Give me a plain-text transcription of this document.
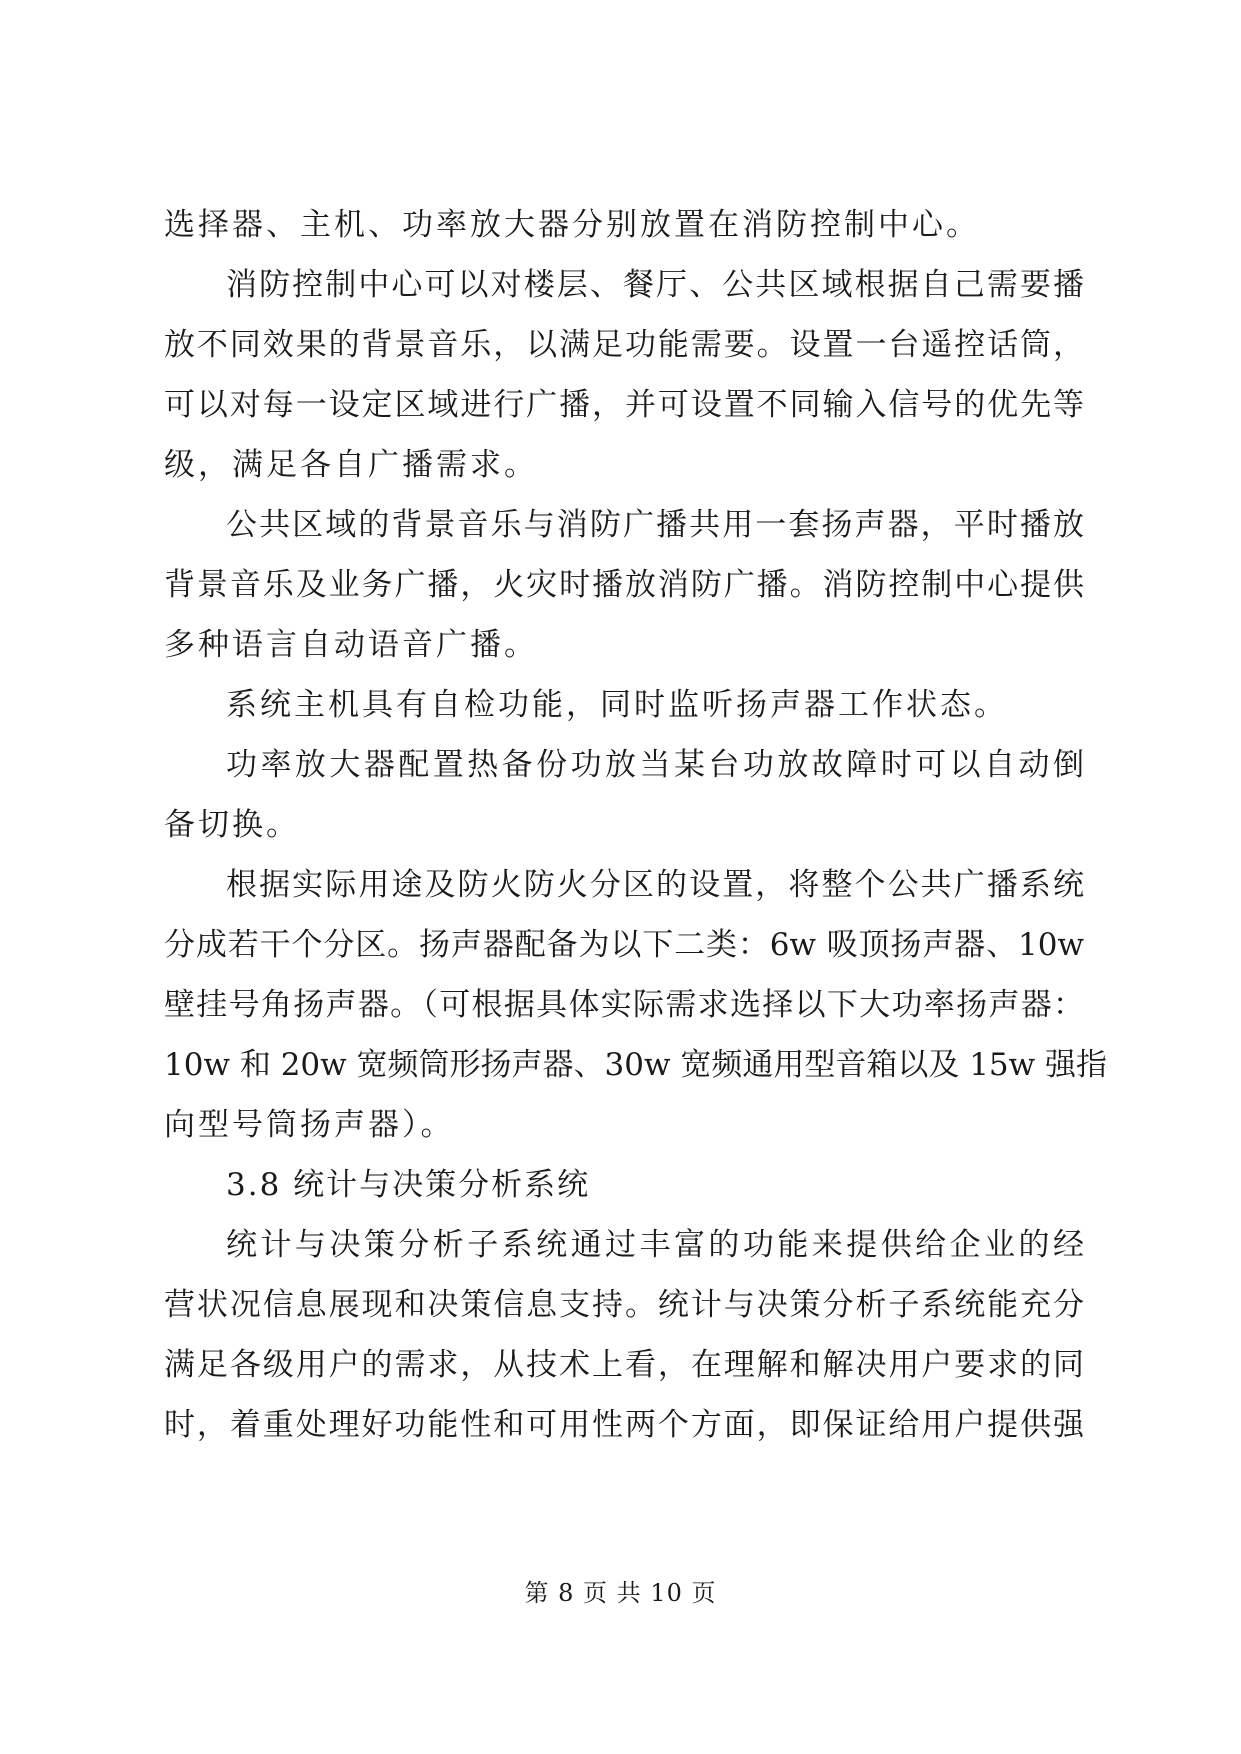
选择器、主机、功率放大器分别放置在消防控制中心。
消防控制中心可以对楼层、餐厅、公共区域根据自己需要播
放不同效果的背景音乐，以满足功能需要。设置一台遥控话筒，
可以对每一设定区域进行广播，并可设置不同输入信号的优先等
级，满足各自广播需求。
公共区域的背景音乐与消防广播共用一套扬声器，平时播放
背景音乐及业务广播，火灾时播放消防广播。消防控制中心提供
多种语言自动语音广播。
系统主机具有自检功能，同时监听扬声器工作状态。
功率放大器配置热备份功放当某台功放故障时可以自动倒
备切换。
根据实际用途及防火防火分区的设置，将整个公共广播系统
分成若干个分区。扬声器配备为以下二类：6w 吸顶扬声器、10w
壁挂号角扬声器。（可根据具体实际需求选择以下大功率扬声器：
10w 和 20w 宽频筒形扬声器、30w 宽频通用型音箱以及 15w 强指
向型号筒扬声器）。
3.8 统计与决策分析系统
统计与决策分析子系统通过丰富的功能来提供给企业的经
营状况信息展现和决策信息支持。统计与决策分析子系统能充分
满足各级用户的需求，从技术上看，在理解和解决用户要求的同
时，着重处理好功能性和可用性两个方面，即保证给用户提供强
第 8 页 共 10 页
